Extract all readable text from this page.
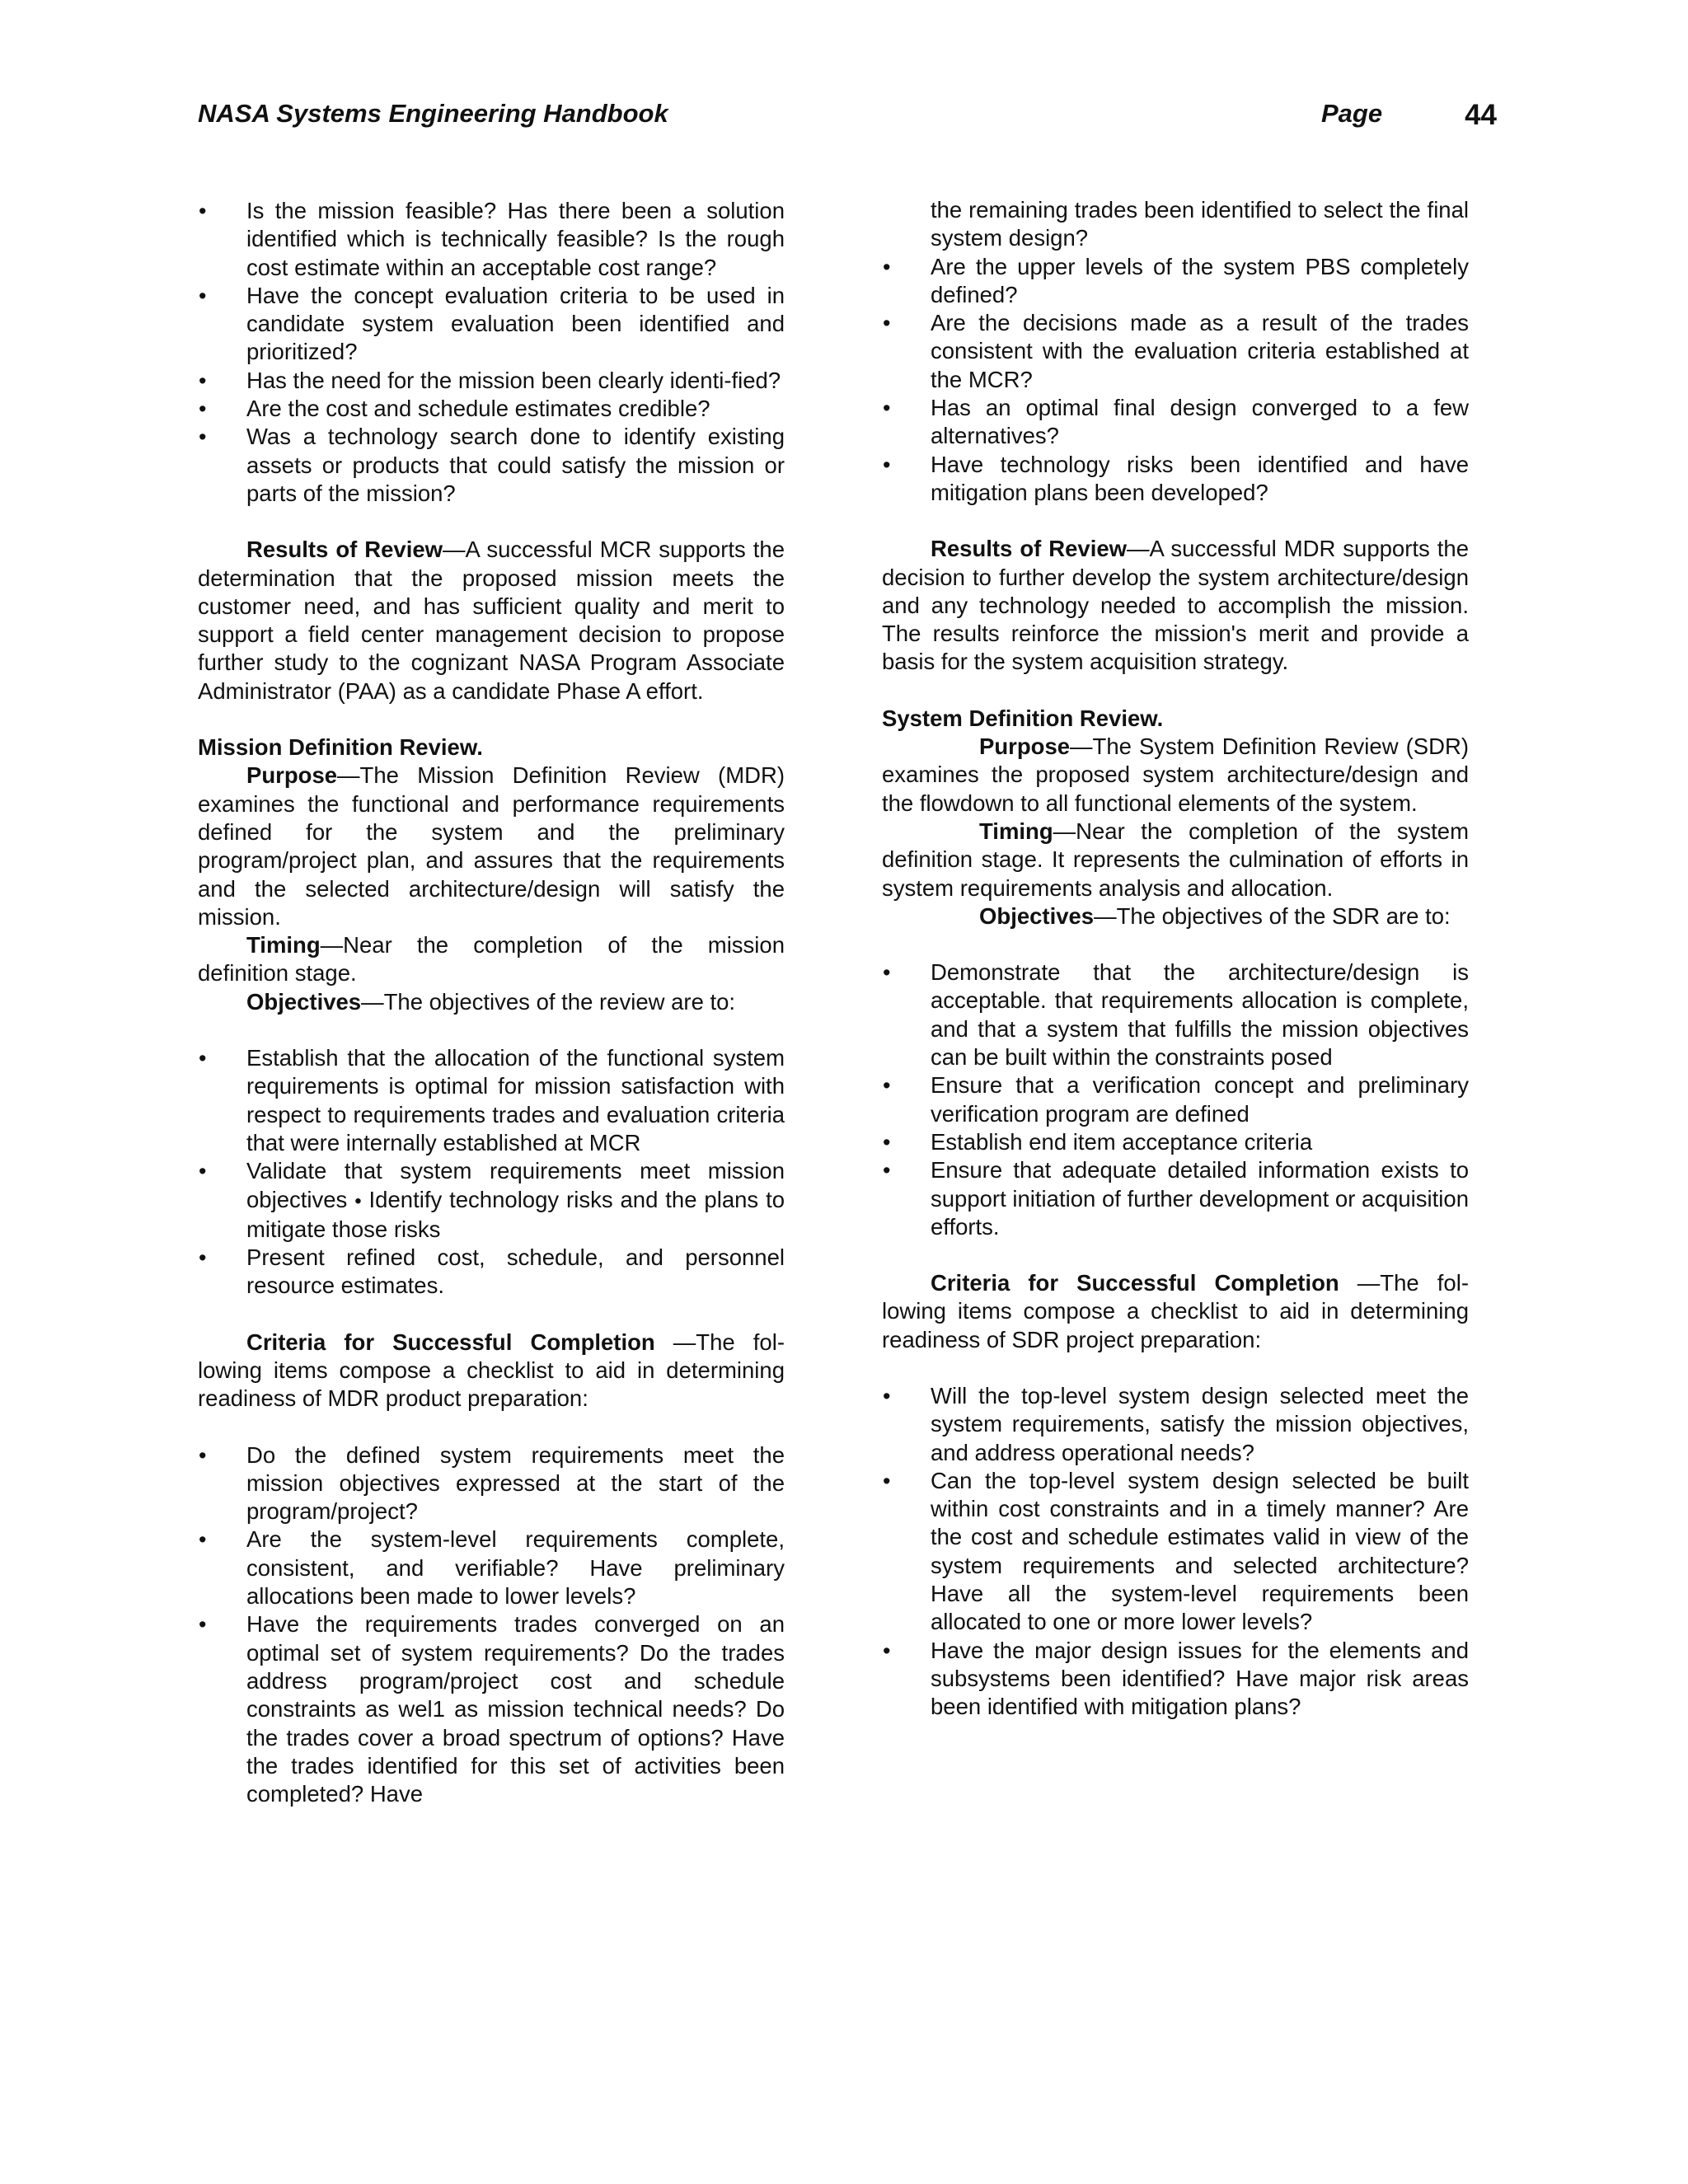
NASA Systems Engineering Handbook	Page	44
• Is the mission feasible? Has there been a solution identified which is technically feasible? Is the rough cost estimate within an acceptable cost range?
• Have the concept evaluation criteria to be used in candidate system evaluation been identified and prioritized?
• Has the need for the mission been clearly identi-fied?
• Are the cost and schedule estimates credible?
• Was a technology search done to identify existing assets or products that could satisfy the mission or parts of the mission?

Results of Review—A successful MCR supports the determination that the proposed mission meets the customer need, and has sufficient quality and merit to support a field center management decision to propose further study to the cognizant NASA Program Associate Administrator (PAA) as a candidate Phase A effort.

Mission Definition Review.

Purpose—The Mission Definition Review (MDR) examines the functional and performance requirements defined for the system and the preliminary program/project plan, and assures that the requirements and the selected architecture/design will satisfy the mission.

Timing—Near the completion of the mission definition stage.

Objectives—The objectives of the review are to:

• Establish that the allocation of the functional system requirements is optimal for mission satisfaction with respect to requirements trades and evaluation criteria that were internally established at MCR
• Validate that system requirements meet mission objectives • Identify technology risks and the plans to mitigate those risks
• Present refined cost, schedule, and personnel resource estimates.

Criteria for Successful Completion —The fol-lowing items compose a checklist to aid in determining readiness of MDR product preparation:

• Do the defined system requirements meet the mission objectives expressed at the start of the program/project?
• Are the system-level requirements complete, consistent, and verifiable? Have preliminary allocations been made to lower levels?
• Have the requirements trades converged on an optimal set of system requirements? Do the trades address program/project cost and schedule constraints as wel1 as mission technical needs? Do the trades cover a broad spectrum of options? Have the trades identified for this set of activities been completed? Have

the remaining trades been identified to select the final system design?

• Are the upper levels of the system PBS completely defined?
• Are the decisions made as a result of the trades consistent with the evaluation criteria established at the MCR?
• Has an optimal final design converged to a few alternatives?
• Have technology risks been identified and have mitigation plans been developed?

Results of Review—A successful MDR supports the decision to further develop the system architecture/design and any technology needed to accomplish the mission. The results reinforce the mission's merit and provide a basis for the system acquisition strategy.

System Definition Review.

Purpose—The System Definition Review (SDR) examines the proposed system architecture/design and the flowdown to all functional elements of the system.

Timing—Near the completion of the system definition stage. It represents the culmination of efforts in system requirements analysis and allocation.

Objectives—The objectives of the SDR are to:

• Demonstrate that the architecture/design is acceptable. that requirements allocation is complete, and that a system that fulfills the mission objectives can be built within the constraints posed
• Ensure that a verification concept and preliminary verification program are defined
• Establish end item acceptance criteria
• Ensure that adequate detailed information exists to support initiation of further development or acquisition efforts.

Criteria for Successful Completion —The fol-lowing items compose a checklist to aid in determining readiness of SDR project preparation:

• Will the top-level system design selected meet the system requirements, satisfy the mission objectives, and address operational needs?
• Can the top-level system design selected be built within cost constraints and in a timely manner? Are the cost and schedule estimates valid in view of the system requirements and selected architecture? Have all the system-level requirements been allocated to one or more lower levels?
• Have the major design issues for the elements and subsystems been identified? Have major risk areas been identified with mitigation plans?
